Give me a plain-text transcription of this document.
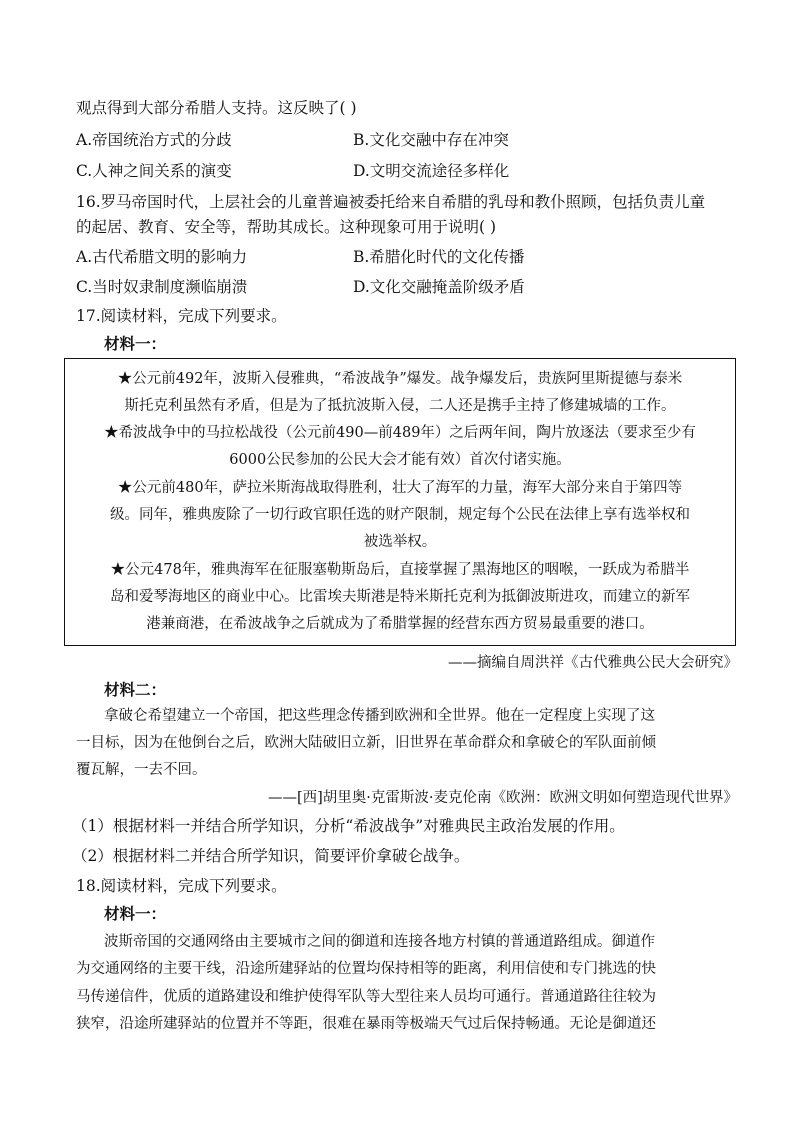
观点得到大部分希腊人支持。这反映了( )
A.帝国统治方式的分歧	B.文化交融中存在冲突
C.人神之间关系的演变	D.文明交流途径多样化
16.罗马帝国时代，上层社会的儿童普遍被委托给来自希腊的乳母和教仆照顾，包括负责儿童
的起居、教育、安全等，帮助其成长。这种现象可用于说明( )
A.古代希腊文明的影响力	B.希腊化时代的文化传播
C.当时奴隶制度濒临崩溃	D.文化交融掩盖阶级矛盾
17.阅读材料，完成下列要求。
材料一：

★公元前492年，波斯入侵雅典，“希波战争”爆发。战争爆发后，贵族阿里斯提德与泰米

斯托克利虽然有矛盾，但是为了抵抗波斯入侵，二人还是携手主持了修建城墙的工作。

★希波战争中的马拉松战役（公元前490—前489年）之后两年间，陶片放逐法（要求至少有

6000公民参加的公民大会才能有效）首次付诸实施。

★公元前480年，萨拉米斯海战取得胜利，壮大了海军的力量，海军大部分来自于第四等

级。同年，雅典废除了一切行政官职任选的财产限制，规定每个公民在法律上享有选举权和

被选举权。

★公元478年，雅典海军在征服塞勒斯岛后，直接掌握了黑海地区的咽喉，一跃成为希腊半

岛和爱琴海地区的商业中心。比雷埃夫斯港是特米斯托克利为抵御波斯进攻，而建立的新军

港兼商港，在希波战争之后就成为了希腊掌握的经营东西方贸易最重要的港口。

——摘编自周洪祥《古代雅典公民大会研究》
材料二：
拿破仑希望建立一个帝国，把这些理念传播到欧洲和全世界。他在一定程度上实现了这
一目标，因为在他倒台之后，欧洲大陆破旧立新，旧世界在革命群众和拿破仑的军队面前倾
覆瓦解，一去不回。
——[西]胡里奥·克雷斯波·麦克伦南《欧洲：欧洲文明如何塑造现代世界》
（1）根据材料一并结合所学知识，分析“希波战争”对雅典民主政治发展的作用。
（2）根据材料二并结合所学知识，简要评价拿破仑战争。
18.阅读材料，完成下列要求。
材料一：
波斯帝国的交通网络由主要城市之间的御道和连接各地方村镇的普通道路组成。御道作
为交通网络的主要干线，沿途所建驿站的位置均保持相等的距离，利用信使和专门挑选的快
马传递信件，优质的道路建设和维护使得军队等大型往来人员均可通行。普通道路往往较为
狭窄，沿途所建驿站的位置并不等距，很难在暴雨等极端天气过后保持畅通。无论是御道还
